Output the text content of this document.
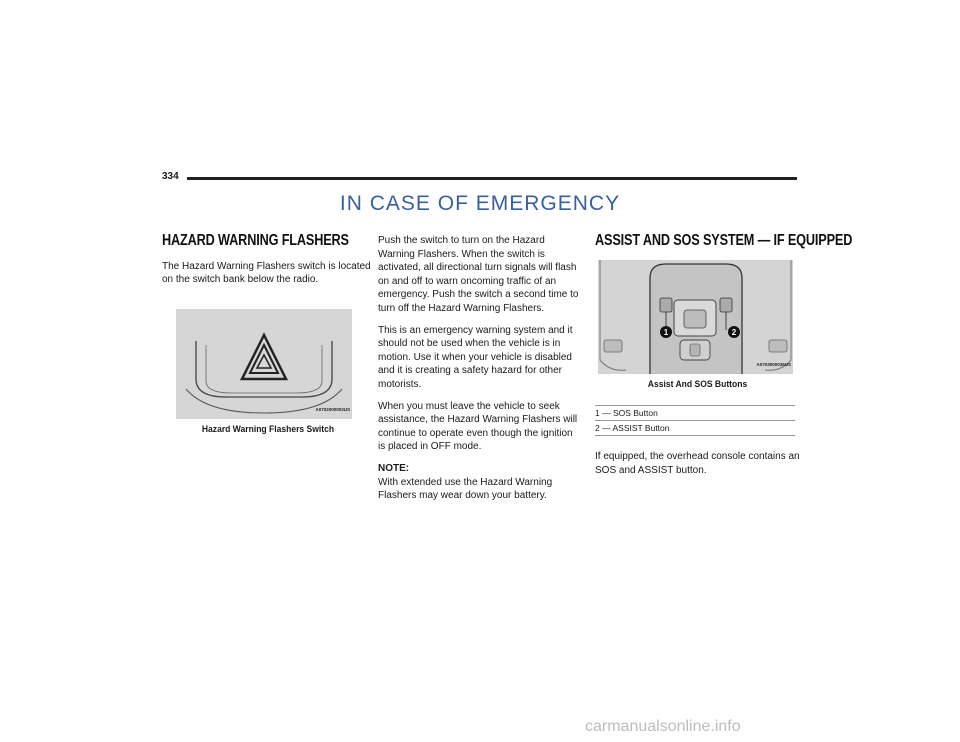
334
IN CASE OF EMERGENCY
HAZARD WARNING FLASHERS

The Hazard Warning Flashers switch is located on the switch bank below the radio.

A0702000003US
Hazard Warning Flashers Switch

Push the switch to turn on the Hazard Warning Flashers. When the switch is activated, all directional turn signals will flash on and off to warn oncoming traffic of an emergency. Push the switch a second time to turn off the Hazard Warning Flashers.

This is an emergency warning system and it should not be used when the vehicle is in motion. Use it when your vehicle is disabled and it is creating a safety hazard for other motorists.

When you must leave the vehicle to seek assistance, the Hazard Warning Flashers will continue to operate even though the ignition is placed in OFF mode.

NOTE:

With extended use the Hazard Warning Flashers may wear down your battery.

ASSIST AND SOS SYSTEM — IF EQUIPPED
1	2
A0703000036US
Assist And SOS Buttons
1 — SOS Button
2 — ASSIST Button

If equipped, the overhead console contains an SOS and ASSIST button.

carmanualsonline.info
